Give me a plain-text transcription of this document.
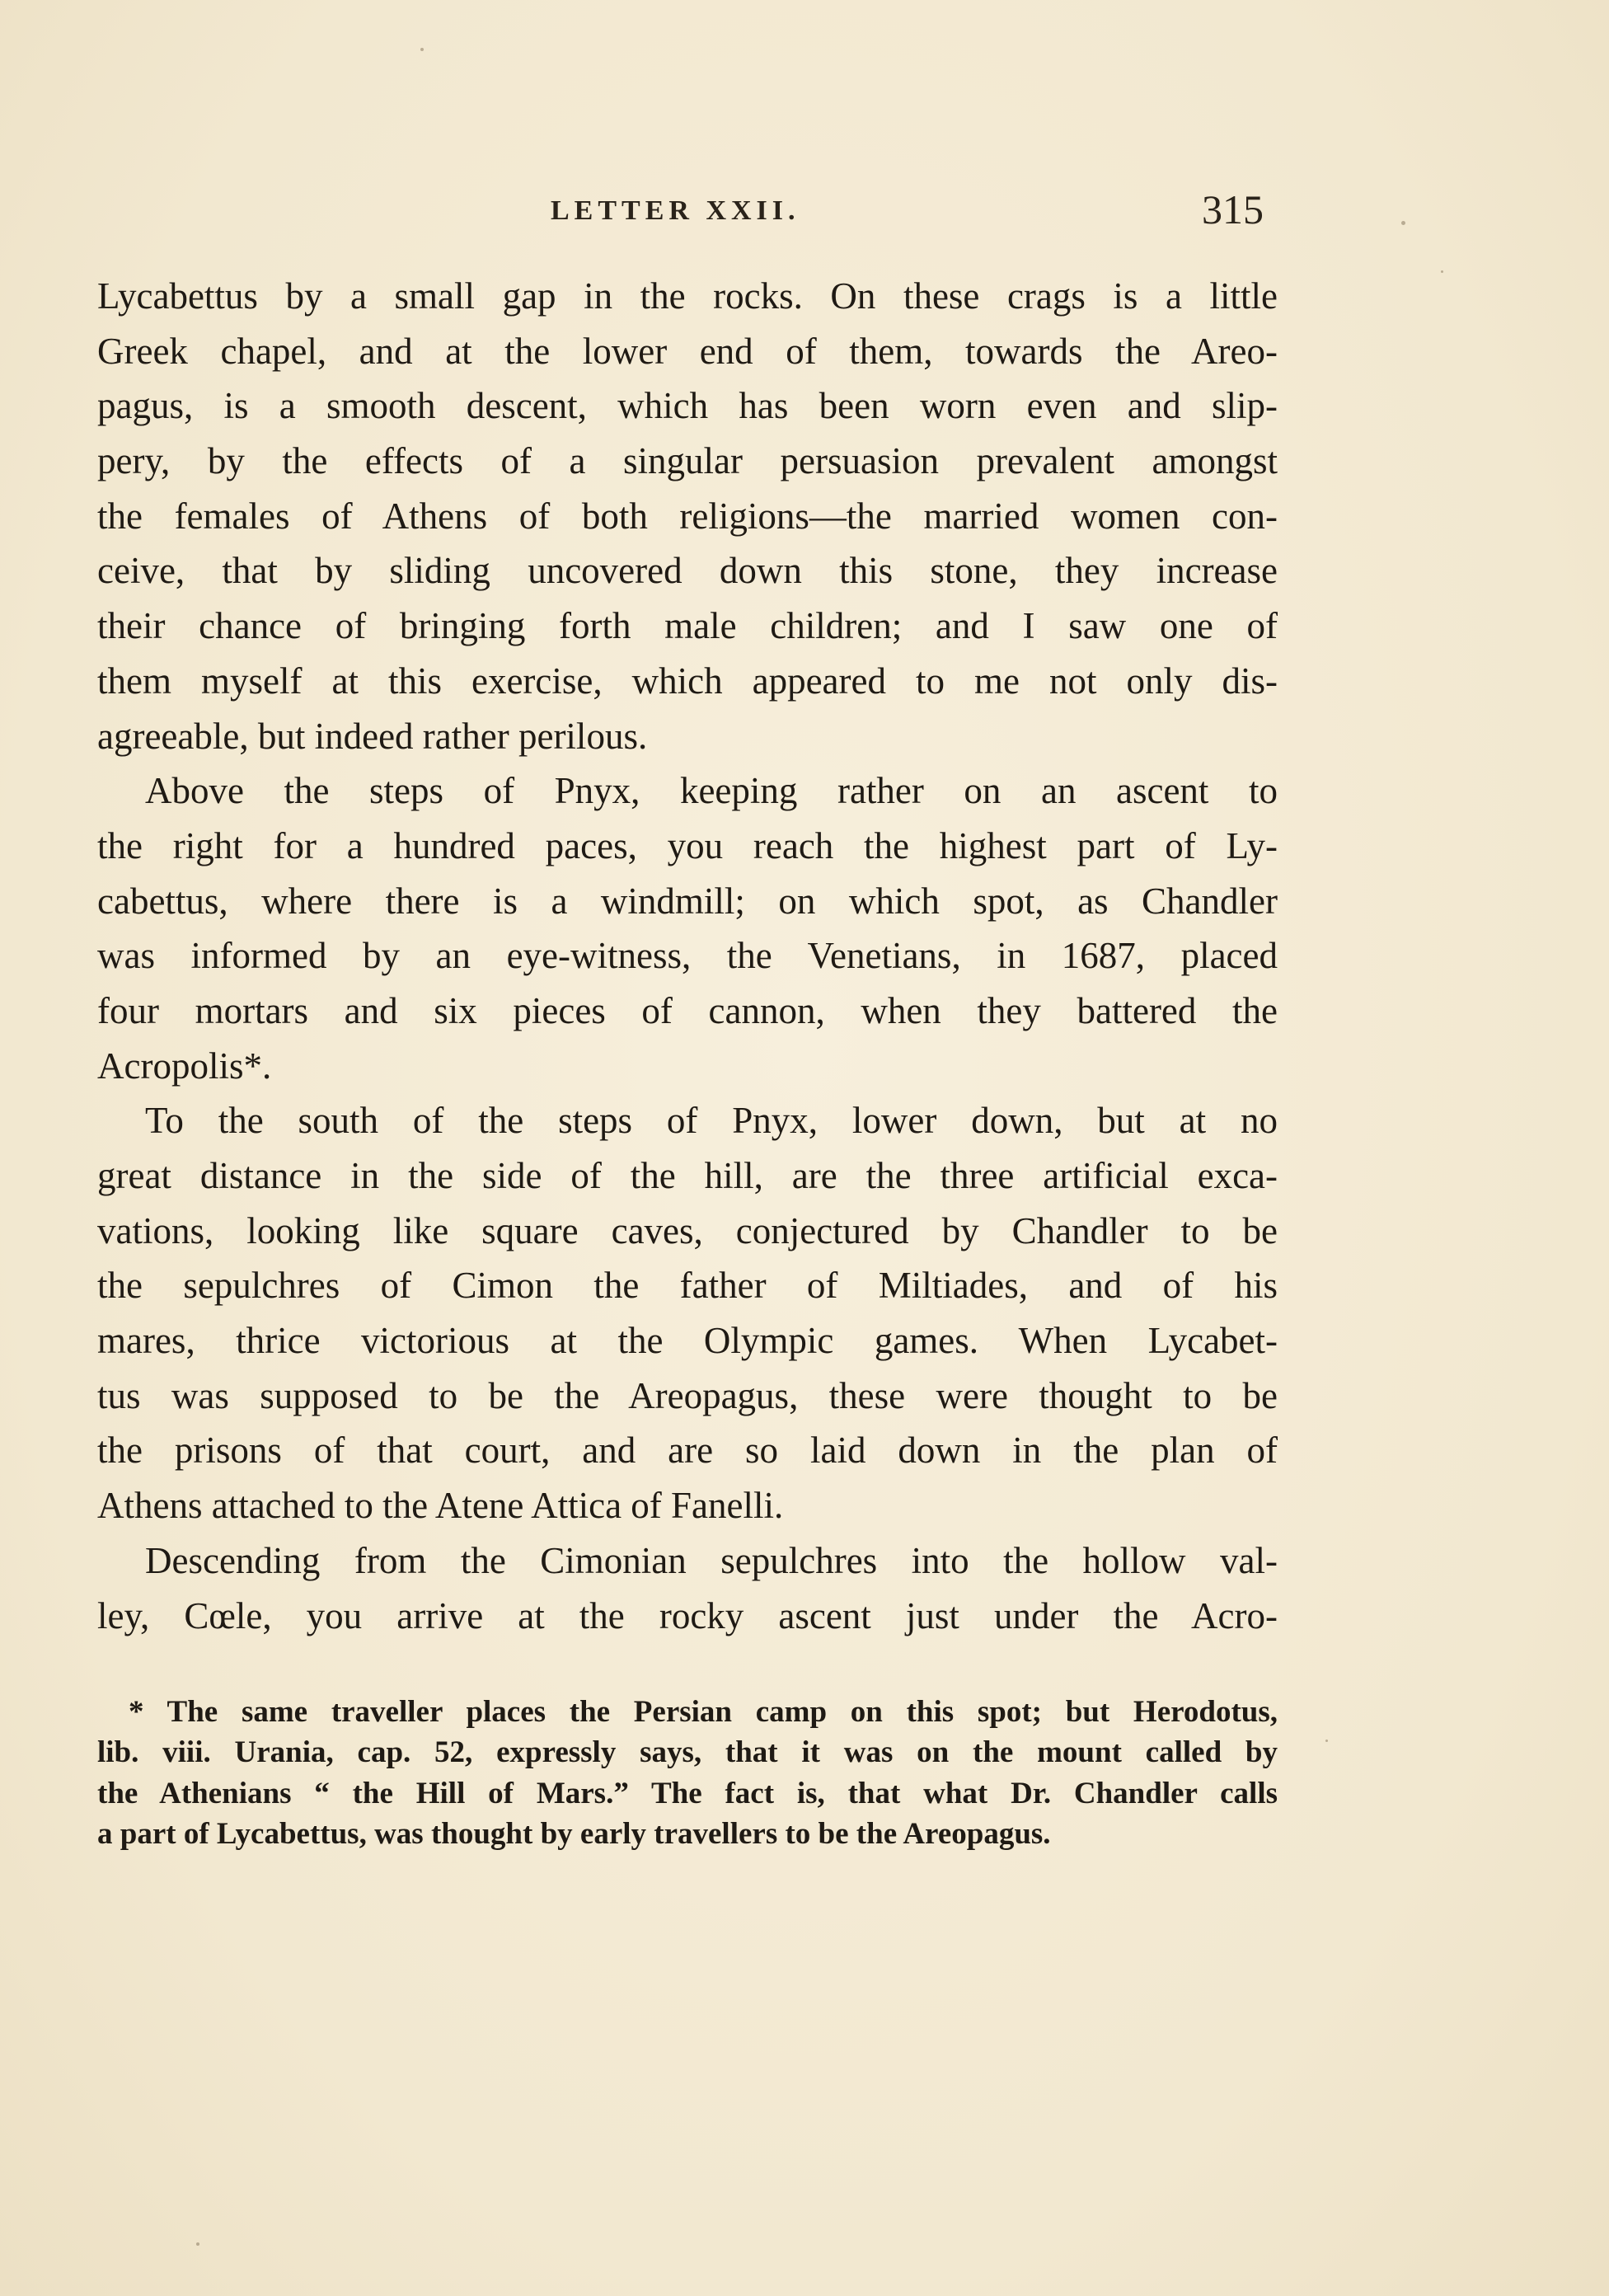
LETTER XXII.	315
Lycabettus by a small gap in the rocks. On these crags is a little
Greek chapel, and at the lower end of them, towards the Areo-
pagus, is a smooth descent, which has been worn even and slip-
pery, by the effects of a singular persuasion prevalent amongst
the females of Athens of both religions—the married women con-
ceive, that by sliding uncovered down this stone, they increase
their chance of bringing forth male children; and I saw one of
them myself at this exercise, which appeared to me not only dis-
agreeable, but indeed rather perilous.
Above the steps of Pnyx, keeping rather on an ascent to
the right for a hundred paces, you reach the highest part of Ly-
cabettus, where there is a windmill; on which spot, as Chandler
was informed by an eye-witness, the Venetians, in 1687, placed
four mortars and six pieces of cannon, when they battered the
Acropolis*.
To the south of the steps of Pnyx, lower down, but at no
great distance in the side of the hill, are the three artificial exca-
vations, looking like square caves, conjectured by Chandler to be
the sepulchres of Cimon the father of Miltiades, and of his
mares, thrice victorious at the Olympic games. When Lycabet-
tus was supposed to be the Areopagus, these were thought to be
the prisons of that court, and are so laid down in the plan of
Athens attached to the Atene Attica of Fanelli.
Descending from the Cimonian sepulchres into the hollow val-
ley, Cœle, you arrive at the rocky ascent just under the Acro-
* The same traveller places the Persian camp on this spot; but Herodotus,
lib. viii. Urania, cap. 52, expressly says, that it was on the mount called by
the Athenians “ the Hill of Mars.” The fact is, that what Dr. Chandler calls
a part of Lycabettus, was thought by early travellers to be the Areopagus.
